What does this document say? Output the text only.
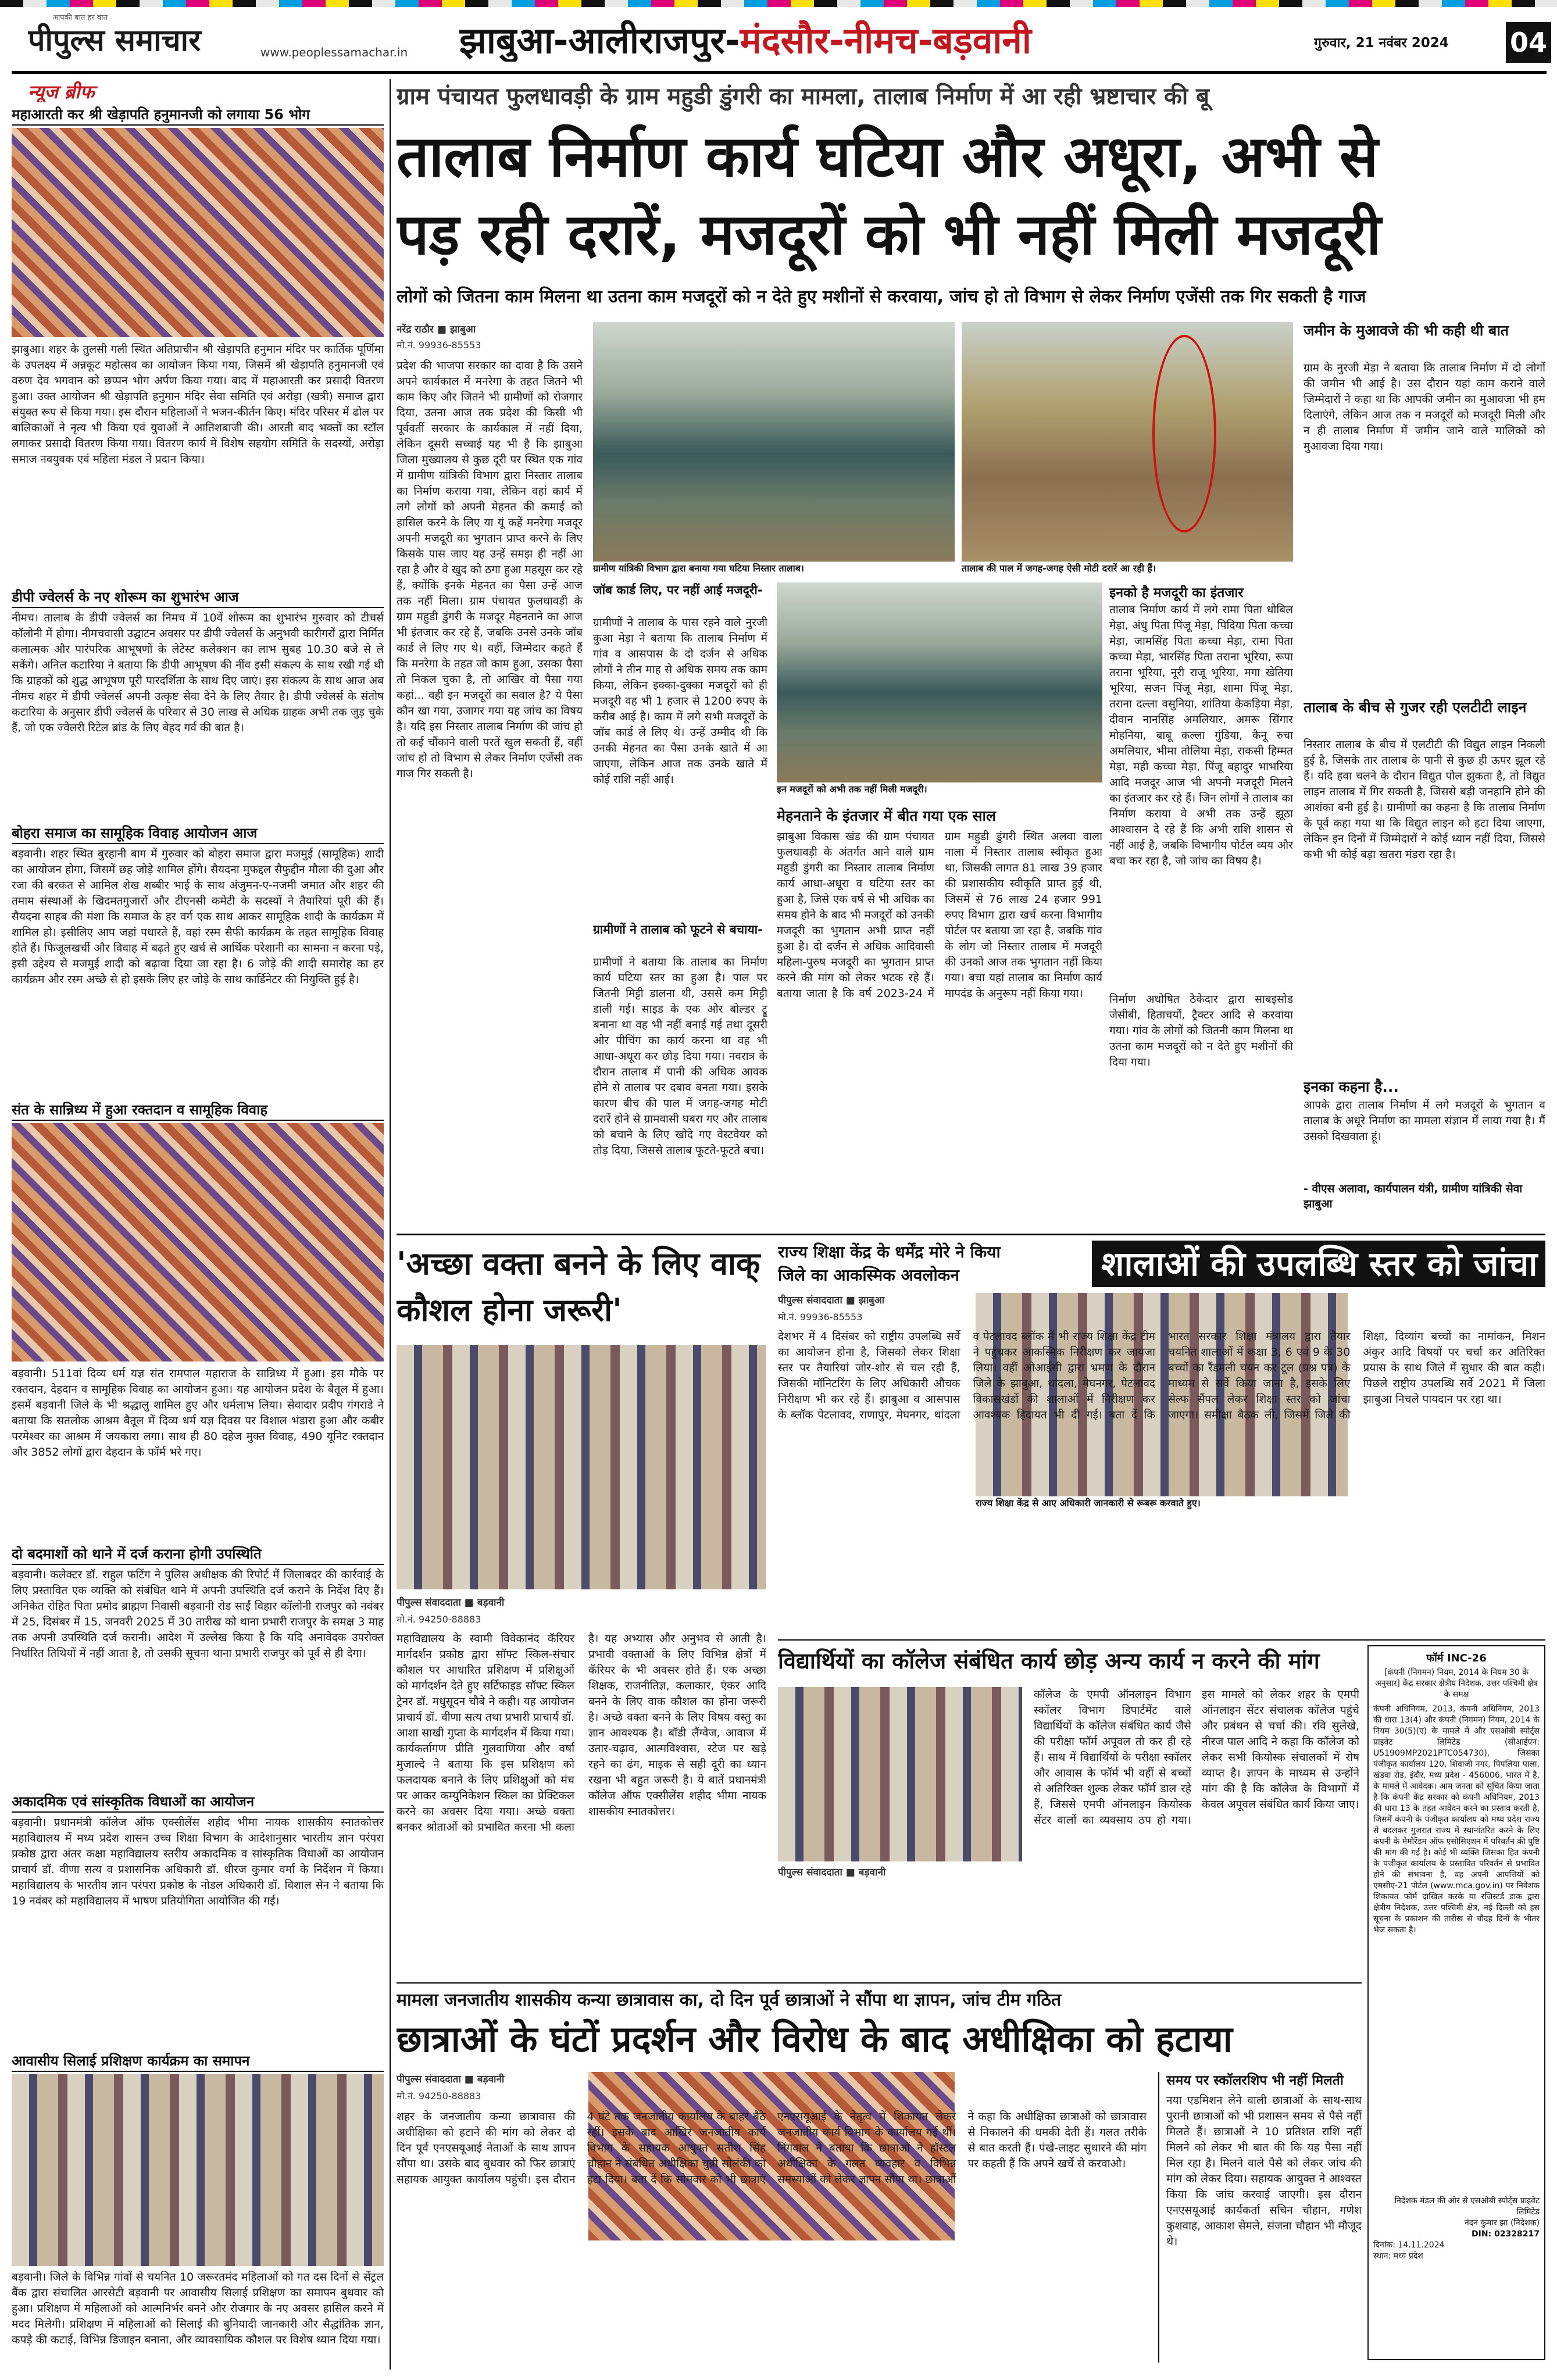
आपकी बात हर बात
पीपुल्स समाचार	www.peoplessamachar.in	झाबुआ-आलीराजपुर-मंदसौर-नीमच-बड़वानी	गुरुवार, 21 नवंबर 2024	04
न्यूज ब्रीफ
महाआरती कर श्री खेड़ापति हनुमानजी को लगाया 56 भोग
झाबुआ। शहर के तुलसी गली स्थित अतिप्राचीन श्री खेड़ापति हनुमान मंदिर पर कार्तिक पूर्णिमा के उपलक्ष्य में अन्नकूट महोत्सव का आयोजन किया गया, जिसमें श्री खेड़ापति हनुमानजी एवं वरुण देव भगवान को छप्पन भोग अर्पण किया गया। बाद में महाआरती कर प्रसादी वितरण हुआ। उक्त आयोजन श्री खेड़ापति हनुमान मंदिर सेवा समिति एवं अरोड़ा (खत्री) समाज द्वारा संयुक्त रूप से किया गया। इस दौरान महिलाओं ने भजन-कीर्तन किए। मंदिर परिसर में ढोल पर बालिकाओं ने नृत्य भी किया एवं युवाओं ने आतिशबाजी की। आरती बाद भक्तों का स्टॉल लगाकर प्रसादी वितरण किया गया। वितरण कार्य में विशेष सहयोग समिति के सदस्यों, अरोड़ा समाज नवयुवक एवं महिला मंडल ने प्रदान किया।
डीपी ज्वेलर्स के नए शोरूम का शुभारंभ आज
नीमच। तालाब के डीपी ज्वेलर्स का निमच में 10वें शोरूम का शुभारंभ गुरुवार को टीचर्स कॉलोनी में होगा। नीमचवासी उद्घाटन अवसर पर डीपी ज्वेलर्स के अनुभवी कारीगरों द्वारा निर्मित कलात्मक और पारंपरिक आभूषणों के लेटेस्ट कलेक्शन का लाभ सुबह 10.30 बजे से ले सकेंगे। अनिल कटारिया ने बताया कि डीपी आभूषण की नींव इसी संकल्प के साथ रखी गई थी कि ग्राहकों को शुद्ध आभूषण पूरी पारदर्शिता के साथ दिए जाएं। इस संकल्प के साथ आज अब नीमच शहर में डीपी ज्वेलर्स अपनी उत्कृष्ट सेवा देने के लिए तैयार है। डीपी ज्वेलर्स के संतोष कटारिया के अनुसार डीपी ज्वेलर्स के परिवार से 30 लाख से अधिक ग्राहक अभी तक जुड़ चुके हैं, जो एक ज्वेलरी रिटेल ब्रांड के लिए बेहद गर्व की बात है।
बोहरा समाज का सामूहिक विवाह आयोजन आज
बड़वानी। शहर स्थित बुरहानी बाग में गुरुवार को बोहरा समाज द्वारा मजमुई (सामूहिक) शादी का आयोजन होगा, जिसमें छह जोड़े शामिल होंगे। सैयदना मुफद्दल सैफुद्दीन मौला की दुआ और रजा की बरकत से आमिल शेख शब्बीर भाई के साथ अंजुमन-ए-नजमी जमात और शहर की तमाम संस्थाओं के खिदमतगुजारों और टीएनसी कमेटी के सदस्यों ने तैयारियां पूरी की हैं। सैयदना साहब की मंशा कि समाज के हर वर्ग एक साथ आकर सामूहिक शादी के कार्यक्रम में शामिल हो। इसीलिए आप जहां पधारते हैं, वहां रस्म सैफी कार्यक्रम के तहत सामूहिक विवाह होते हैं। फिजूलखर्ची और विवाह में बढ़ते हुए खर्च से आर्थिक परेशानी का सामना न करना पड़े, इसी उद्देश्य से मजमुई शादी को बढ़ावा दिया जा रहा है। 6 जोड़े की शादी समारोह का हर कार्यक्रम और रस्म अच्छे से हो इसके लिए हर जोड़े के साथ कार्डिनेटर की नियुक्ति हुई है।
संत के सान्निध्य में हुआ रक्तदान व सामूहिक विवाह
बड़वानी। 511वां दिव्य धर्म यज्ञ संत रामपाल महाराज के सान्निध्य में हुआ। इस मौके पर रक्तदान, देहदान व सामूहिक विवाह का आयोजन हुआ। यह आयोजन प्रदेश के बैतूल में हुआ। इसमें बड़वानी जिले के भी श्रद्धालु शामिल हुए और धर्मलाभ लिया। सेवादार प्रदीप गंगराडे ने बताया कि सतलोक आश्रम बैतूल में दिव्य धर्म यज्ञ दिवस पर विशाल भंडारा हुआ और कबीर परमेश्वर का आश्रम में जयकारा लगा। साथ ही 80 दहेज मुक्त विवाह, 490 यूनिट रक्तदान और 3852 लोगों द्वारा देहदान के फॉर्म भरे गए।
दो बदमाशों को थाने में दर्ज कराना होगी उपस्थिति
बड़वानी। कलेक्टर डॉ. राहुल फटिंग ने पुलिस अधीक्षक की रिपोर्ट में जिलाबदर की कार्रवाई के लिए प्रस्तावित एक व्यक्ति को संबंधित थाने में अपनी उपस्थिति दर्ज कराने के निर्देश दिए हैं। अनिकेत रोहित पिता प्रमोद ब्राह्मण निवासी बड़वानी रोड साईं विहार कॉलोनी राजपुर को नवंबर में 25, दिसंबर में 15, जनवरी 2025 में 30 तारीख को थाना प्रभारी राजपुर के समक्ष 3 माह तक अपनी उपस्थिति दर्ज करानी। आदेश में उल्लेख किया है कि यदि अनावेदक उपरोक्त निर्धारित तिथियों में नहीं आता है, तो उसकी सूचना थाना प्रभारी राजपुर को पूर्व से ही देगा।
अकादमिक एवं सांस्कृतिक विधाओं का आयोजन
बड़वानी। प्रधानमंत्री कॉलेज ऑफ एक्सीलेंस शहीद भीमा नायक शासकीय स्नातकोत्तर महाविद्यालय में मध्य प्रदेश शासन उच्च शिक्षा विभाग के आदेशानुसार भारतीय ज्ञान परंपरा प्रकोष्ठ द्वारा अंतर कक्षा महाविद्यालय स्तरीय अकादमिक व सांस्कृतिक विधाओं का आयोजन प्राचार्य डॉ. वीणा सत्य व प्रशासनिक अधिकारी डॉ. धीरज कुमार वर्मा के निर्देशन में किया। महाविद्यालय के भारतीय ज्ञान परंपरा प्रकोष्ठ के नोडल अधिकारी डॉ. विशाल सेन ने बताया कि 19 नवंबर को महाविद्यालय में भाषण प्रतियोगिता आयोजित की गई।
आवासीय सिलाई प्रशिक्षण कार्यक्रम का समापन
बड़वानी। जिले के विभिन्न गांवों से चयनित 10 जरूरतमंद महिलाओं को गत दस दिनों से सेंट्रल बैंक द्वारा संचालित आरसेटी बड़वानी पर आवासीय सिलाई प्रशिक्षण का समापन बुधवार को हुआ। प्रशिक्षण में महिलाओं को आत्मनिर्भर बनने और रोजगार के नए अवसर हासिल करने में मदद मिलेगी। प्रशिक्षण में महिलाओं को सिलाई की बुनियादी जानकारी और सैद्धांतिक ज्ञान, कपड़े की कटाई, विभिन्न डिजाइन बनाना, और व्यावसायिक कौशल पर विशेष ध्यान दिया गया।
ग्राम पंचायत फुलधावड़ी के ग्राम महुडी डुंगरी का मामला, तालाब निर्माण में आ रही भ्रष्टाचार की बू
तालाब निर्माण कार्य घटिया और अधूरा, अभी से
पड़ रही दरारें, मजदूरों को भी नहीं मिली मजदूरी
लोगों को जितना काम मिलना था उतना काम मजदूरों को न देते हुए मशीनों से करवाया, जांच हो तो विभाग से लेकर निर्माण एजेंसी तक गिर सकती है गाज
नरेंद्र राठौर ■ झाबुआ
मो.नं. 99936-85553
प्रदेश की भाजपा सरकार का दावा है कि उसने अपने कार्यकाल में मनरेगा के तहत जितने भी काम किए और जितने भी ग्रामीणों को रोजगार दिया, उतना आज तक प्रदेश की किसी भी पूर्ववर्ती सरकार के कार्यकाल में नहीं दिया, लेकिन दूसरी सच्चाई यह भी है कि झाबुआ जिला मुख्यालय से कुछ दूरी पर स्थित एक गांव में ग्रामीण यांत्रिकी विभाग द्वारा निस्तार तालाब का निर्माण कराया गया, लेकिन वहां कार्य में लगे लोगों को अपनी मेहनत की कमाई को हासिल करने के लिए या यूं कहें मनरेगा मजदूर अपनी मजदूरी का भुगतान प्राप्त करने के लिए किसके पास जाए यह उन्हें समझ ही नहीं आ रहा है और वे खुद को ठगा हुआ महसूस कर रहे हैं, क्योंकि इनके मेहनत का पैसा उन्हें आज तक नहीं मिला। ग्राम पंचायत फुलधावड़ी के ग्राम महुडी डुंगरी के मजदूर मेहनताने का आज भी इंतजार कर रहे हैं, जबकि उनसे उनके जॉब कार्ड ले लिए गए थे। वहीं, जिम्मेदार कहते हैं कि मनरेगा के तहत जो काम हुआ, उसका पैसा तो निकल चुका है, तो आखिर वो पैसा गया कहां... वही इन मजदूरों का सवाल है? ये पैसा कौन खा गया, उजागर गया यह जांच का विषय है। यदि इस निस्तार तालाब निर्माण की जांच हो तो कई चौंकाने वाली परतें खुल सकती हैं, वहीं जांच हो तो विभाग से लेकर निर्माण एजेंसी तक गाज गिर सकती है।
ग्रामीण यांत्रिकी विभाग द्वारा बनाया गया घटिया निस्तार तालाब।	तालाब की पाल में जगह-जगह ऐसी मोटी दरारें आ रही हैं।
जॉब कार्ड लिए, पर नहीं आई मजदूरी-
ग्रामीणों ने तालाब के पास रहने वाले नुरजी कुआ मेड़ा ने बताया कि तालाब निर्माण में गांव व आसपास के दो दर्जन से अधिक लोगों ने तीन माह से अधिक समय तक काम किया, लेकिन इक्का-दुक्का मजदूरों को ही मजदूरी वह भी 1 हजार से 1200 रुपए के करीब आई है। काम में लगे सभी मजदूरों के जॉब कार्ड ले लिए थे। उन्हें उम्मीद थी कि उनकी मेहनत का पैसा उनके खाते में आ जाएगा, लेकिन आज तक उनके खाते में कोई राशि नहीं आई।
ग्रामीणों ने तालाब को फूटने से बचाया-
ग्रामीणों ने बताया कि तालाब का निर्माण कार्य घटिया स्तर का हुआ है। पाल पर जितनी मिट्टी डालना थी, उससे कम मिट्टी डाली गई। साइड के एक ओर बोल्डर ट्रू बनाना था वह भी नहीं बनाई गई तथा दूसरी ओर पीचिंग का कार्य करना था वह भी आधा-अधूरा कर छोड़ दिया गया। नवरात्र के दौरान तालाब में पानी की अधिक आवक होने से तालाब पर दबाव बनता गया। इसके कारण बीच की पाल में जगह-जगह मोटी दरारें होने से ग्रामवासी घबरा गए और तालाब को बचाने के लिए खोदे गए वेस्टवेयर को तोड़ दिया, जिससे तालाब फूटते-फूटते बचा।
इन मजदूरों को अभी तक नहीं मिली मजदूरी।
इनको है मजदूरी का इंतजार
तालाब निर्माण कार्य में लगे रामा पिता धोबिल मेड़ा, अंधु पिता पिंजू मेड़ा, पिदिया पिता कच्चा मेड़ा, जामसिंह पिता कच्चा मेड़ा, रामा पिता कच्चा मेड़ा, भारसिंह पिता तराना भूरिया, रूपा तराना भूरिया, नूरी राजू भूरिया, मगा खेतिया भूरिया, सजन पिंजू मेड़ा, शामा पिंजू मेड़ा, तराना दल्ला वसुनिया, शांतिया केकड़िया मेड़ा, दीवान नानसिंह अमलियार, अमरू सिंगार मोहनिया, बाबू कल्ला गुंडिया, कैनू रुचा अमलियार, भीमा तोलिया मेड़ा, राकसी हिम्मत मेड़ा, मही कच्चा मेड़ा, पिंजू बहादुर भाभरिया आदि मजदूर आज भी अपनी मजदूरी मिलने का इंतजार कर रहे हैं। जिन लोगों ने तालाब का निर्माण कराया वे अभी तक उन्हें झूठा आश्वासन दे रहे हैं कि अभी राशि शासन से नहीं आई है, जबकि विभागीय पोर्टल व्यय और बचा कर रहा है, जो जांच का विषय है।
मेहनताने के इंतजार में बीत गया एक साल
झाबुआ विकास खंड की ग्राम पंचायत फुलधावड़ी के अंतर्गत आने वाले ग्राम महुडी डुंगरी का निस्तार तालाब निर्माण कार्य आधा-अधूरा व घटिया स्तर का हुआ है, जिसे एक वर्ष से भी अधिक का समय होने के बाद भी मजदूरों को उनकी मजदूरी का भुगतान अभी प्राप्त नहीं हुआ है। दो दर्जन से अधिक आदिवासी महिला-पुरुष मजदूरी का भुगतान प्राप्त करने की मांग को लेकर भटक रहे हैं। बताया जाता है कि वर्ष 2023-24 में ग्राम महुडी डुंगरी स्थित अलवा वाला नाला में निस्तार तालाब स्वीकृत हुआ था, जिसकी लागत 81 लाख 39 हजार की प्रशासकीय स्वीकृति प्राप्त हुई थी, जिसमें से 76 लाख 24 हजार 991 रुपए विभाग द्वारा खर्च करना विभागीय पोर्टल पर बताया जा रहा है, जबकि गांव के लोग जो निस्तार तालाब में मजदूरी की उनको आज तक भुगतान नहीं किया गया। बचा यहां तालाब का निर्माण कार्य मापदंड के अनुरूप नहीं किया गया।	निर्माण अधोषित ठेकेदार द्वारा साबइसोड जेसीबी, हिताचयों, ट्रैक्टर आदि से करवाया गया। गांव के लोगों को जितनी काम मिलना था उतना काम मजदूरों को न देते हुए मशीनों की दिया गया।
जमीन के मुआवजे की भी कही थी बात
ग्राम के नुरजी मेड़ा ने बताया कि तालाब निर्माण में दो लोगों की जमीन भी आई है। उस दौरान यहां काम कराने वाले जिम्मेदारों ने कहा था कि आपकी जमीन का मुआवजा भी हम दिलाएंगे, लेकिन आज तक न मजदूरों को मजदूरी मिली और न ही तालाब निर्माण में जमीन जाने वाले मालिकों को मुआवजा दिया गया।
तालाब के बीच से गुजर रही एलटीटी लाइन
निस्तार तालाब के बीच में एलटीटी की विद्युत लाइन निकली हुई है, जिसके तार तालाब के पानी से कुछ ही ऊपर झूल रहे हैं। यदि हवा चलने के दौरान विद्युत पोल झुकता है, तो विद्युत लाइन तालाब में गिर सकती है, जिससे बड़ी जनहानि होने की आशंका बनी हुई है। ग्रामीणों का कहना है कि तालाब निर्माण के पूर्व कहा गया था कि विद्युत लाइन को हटा दिया जाएगा, लेकिन इन दिनों में जिम्मेदारों ने कोई ध्यान नहीं दिया, जिससे कभी भी कोई बड़ा खतरा मंडरा रहा है।
इनका कहना है...
आपके द्वारा तालाब निर्माण में लगे मजदूरों के भुगतान व तालाब के अधूरे निर्माण का मामला संज्ञान में लाया गया है। मैं उसको दिखवाता हूं।
- वीएस अलावा, कार्यपालन यंत्री, ग्रामीण यांत्रिकी सेवा झाबुआ
'अच्छा वक्ता बनने के लिए वाक् कौशल होना जरूरी'
पीपुल्स संवाददाता ■ बड़वानी
मो.नं. 94250-88883
महाविद्यालय के स्वामी विवेकानंद कॅरियर मार्गदर्शन प्रकोष्ठ द्वारा सॉफ्ट स्किल-संचार कौशल पर आधारित प्रशिक्षण में प्रशिक्षुओं को मार्गदर्शन देते हुए सर्टिफाइड सॉफ्ट स्किल ट्रेनर डॉ. मधुसूदन चौबे ने कही। यह आयोजन प्राचार्य डॉ. वीणा सत्य तथा प्रभारी प्राचार्य डॉ. आशा साखी गुप्ता के मार्गदर्शन में किया गया। कार्यकर्तागण प्रीति गुलवाणिया और वर्षा मुजाल्दे ने बताया कि इस प्रशिक्षण को फलदायक बनाने के लिए प्रशिक्षुओं को मंच पर आकर कम्युनिकेशन स्किल का प्रेक्टिकल करने का अवसर दिया गया। अच्छे वक्ता बनकर श्रोताओं को प्रभावित करना भी कला है। यह अभ्यास और अनुभव से आती है। प्रभावी वक्ताओं के लिए विभिन्न क्षेत्रों में कॅरियर के भी अवसर होते हैं। एक अच्छा शिक्षक, राजनीतिज्ञ, कलाकार, एंकर आदि बनने के लिए वाक कौशल का होना जरूरी है। अच्छे वक्ता बनने के लिए विषय वस्तु का ज्ञान आवश्यक है। बॉडी लैंग्वेज, आवाज में उतार-चढ़ाव, आत्मविश्वास, स्टेज पर खड़े रहने का ढंग, माइक से सही दूरी का ध्यान रखना भी बहुत जरूरी है। ये बातें प्रधानमंत्री कॉलेज ऑफ एक्सीलेंस शहीद भीमा नायक शासकीय स्नातकोत्तर।
राज्य शिक्षा केंद्र के धर्मेंद्र मोरे ने किया
जिले का आकस्मिक अवलोकन	शालाओं की उपलब्धि स्तर को जांचा
पीपुल्स संवाददाता ■ झाबुआ
मो.नं. 99936-85553
राज्य शिक्षा केंद्र से आए अधिकारी जानकारी से रूबरू करवाते हुए।
देशभर में 4 दिसंबर को राष्ट्रीय उपलब्धि सर्वे का आयोजन होना है, जिसको लेकर शिक्षा स्तर पर तैयारियां जोर-शोर से चल रही हैं, जिसकी मॉनिटरिंग के लिए अधिकारी औचक निरीक्षण भी कर रहे हैं। झाबुआ व आसपास के ब्लॉक पेटलावद, राणापुर, मेघनगर, थांदला व पेटलावद ब्लॉक में भी राज्य शिक्षा केंद्र टीम ने पहुंचकर आकस्मिक निरीक्षण कर जायजा लिया। वहीं ओआईसी द्वारा भ्रमण के दौरान जिले के झाबुआ, थांदला, मेघनगर, पेटलावद विकासखंडों की शालाओं में निरीक्षण कर आवश्यक हिदायत भी दी गई। बता दें कि भारत सरकार शिक्षा मंत्रालय द्वारा तैयार चयनित शालाओं में कक्षा 3, 6 एवं 9 के 30 बच्चों का रैंडमली चयन कर टूल (प्रश्न पत्र) के माध्यम से सर्वे किया जाना है, इसके लिए सेल्फ सैंपल लेकर शिक्षा स्तर को जांचा जाएगा। समीक्षा बैठक ली, जिसमें जिले की शिक्षा, दिव्यांग बच्चों का नामांकन, मिशन अंकुर आदि विषयों पर चर्चा कर अतिरिक्त प्रयास के साथ जिले में सुधार की बात कही। पिछले राष्ट्रीय उपलब्धि सर्वे 2021 में जिला झाबुआ निचले पायदान पर रहा था।
विद्यार्थियों का कॉलेज संबंधित कार्य छोड़ अन्य कार्य न करने की मांग
पीपुल्स संवाददाता ■ बड़वानी
कॉलेज के एमपी ऑनलाइन विभाग स्कॉलर विभाग डिपार्टमेंट वाले विद्यार्थियों के कॉलेज संबंधित कार्य जैसे की परीक्षा फॉर्म अपूवल तो कर ही रहे हैं। साथ में विद्यार्थियों के परीक्षा स्कॉलर और आवास के फॉर्म भी वहीं से बच्चों से अतिरिक्त शुल्क लेकर फॉर्म डाल रहे हैं, जिससे एमपी ऑनलाइन कियोस्क सेंटर वालों का व्यवसाय ठप हो गया। इस मामले को लेकर शहर के एमपी ऑनलाइन सेंटर संचालक कॉलेज पहुंचे और प्रबंधन से चर्चा की। रवि सुलेखे, नीरज पाल आदि ने कहा कि कॉलेज को लेकर सभी कियोस्क संचालकों में रोष व्याप्त है। ज्ञापन के माध्यम से उन्होंने मांग की है कि कॉलेज के विभागों में केवल अपूवल संबंधित कार्य किया जाए।
फॉर्म INC-26
[कंपनी (निगमन) नियम, 2014 के नियम 30 के अनुसार] केंद्र सरकार क्षेत्रीय निदेशक, उत्तर पश्चिमी क्षेत्र के समक्ष
कंपनी अधिनियम, 2013, कंपनी अधिनियम, 2013 की धारा 13(4) और कंपनी (निगमन) नियम, 2014 के नियम 30(5)(ए) के मामले में और एसओबी स्पोर्ट्स प्राइवेट लिमिटेड (सीआईएन: U51909MP2021PTC054730), जिसका पंजीकृत कार्यालय 120, शिवाजी नगर, पिपलिया पाला, खंडवा रोड, इंदौर, मध्य प्रदेश - 456006, भारत में है, के मामले में आवेदक। आम जनता को सूचित किया जाता है कि कंपनी केंद्र सरकार को कंपनी अधिनियम, 2013 की धारा 13 के तहत आवेदन करने का प्रस्ताव करती है, जिसमें कंपनी के पंजीकृत कार्यालय को मध्य प्रदेश राज्य से बदलकर गुजरात राज्य में स्थानांतरित करने के लिए कंपनी के मेमोरेंडम ऑफ एसोसिएशन में परिवर्तन की पुष्टि की मांग की गई है। कोई भी व्यक्ति जिसका हित कंपनी के पंजीकृत कार्यालय के प्रस्तावित परिवर्तन से प्रभावित होने की संभावना है, वह अपनी आपत्तियों को एमसीए-21 पोर्टल (www.mca.gov.in) पर निवेशक शिकायत फॉर्म दाखिल करके या रजिस्टर्ड डाक द्वारा क्षेत्रीय निदेशक, उत्तर पश्चिमी क्षेत्र, नई दिल्ली को इस सूचना के प्रकाशन की तारीख से चौदह दिनों के भीतर भेज सकता है।
निदेशक मंडल की ओर से एसओबी स्पोर्ट्स प्राइवेट लिमिटेड
नंदन कुमार झा (निदेशक)
DIN: 02328217
दिनांक: 14.11.2024
स्थान: मध्य प्रदेश
मामला जनजातीय शासकीय कन्या छात्रावास का, दो दिन पूर्व छात्राओं ने सौंपा था ज्ञापन, जांच टीम गठित
छात्राओं के घंटों प्रदर्शन और विरोध के बाद अधीक्षिका को हटाया
पीपुल्स संवाददाता ■ बड़वानी
मो.नं. 94250-88883
शहर के जनजातीय कन्या छात्रावास की अधीक्षिका को हटाने की मांग को लेकर दो दिन पूर्व एनएसयूआई नेताओं के साथ ज्ञापन सौंपा था। उसके बाद बुधवार को फिर छात्राएं सहायक आयुक्त कार्यालय पहुंची। इस दौरान 4 घंटे तक जनजातीय कार्यालय के बाहर बैठे रहीं। इसके बाद आखिर जनजातीय कार्य विभाग के सहायक आयुक्त सतीश सिंह चौहान ने संबंधित अधीक्षिका चुन्नी सोलंकी को हटा दिया। बता दें कि सोमवार को भी छात्राएं एनएसयूआई के नेतृत्व में शिकायत लेकर जनजातीय कार्य विभाग के कार्यालय गई थीं। निंगवाल ने बताया कि छात्राओं ने हॉस्टल अधीक्षिका के गलत व्यवहार व विभिन्न समस्याओं को लेकर ज्ञापन सौंपा था। छात्राओं ने कहा कि अधीक्षिका छात्राओं को छात्रावास से निकालने की धमकी देती हैं। गलत तरीके से बात करती हैं। पंखे-लाइट सुधारने की मांग पर कहती हैं कि अपने खर्चे से करवाओ।
समय पर स्कॉलरशिप भी नहीं मिलती
नया एडमिशन लेने वाली छात्राओं के साथ-साथ पुरानी छात्राओं को भी प्रशासन समय से पैसे नहीं मिलते हैं। छात्राओं ने 10 प्रतिशत राशि नहीं मिलने को लेकर भी बात की कि यह पैसा नहीं मिल रहा है। मिलने वाले पैसे को लेकर जांच की मांग को लेकर दिया। सहायक आयुक्त ने आश्वस्त किया कि जांच करवाई जाएगी। इस दौरान एनएसयूआई कार्यकर्ता सचिन चौहान, गणेश कुशवाह, आकाश सेमले, संजना चौहान भी मौजूद थे।
